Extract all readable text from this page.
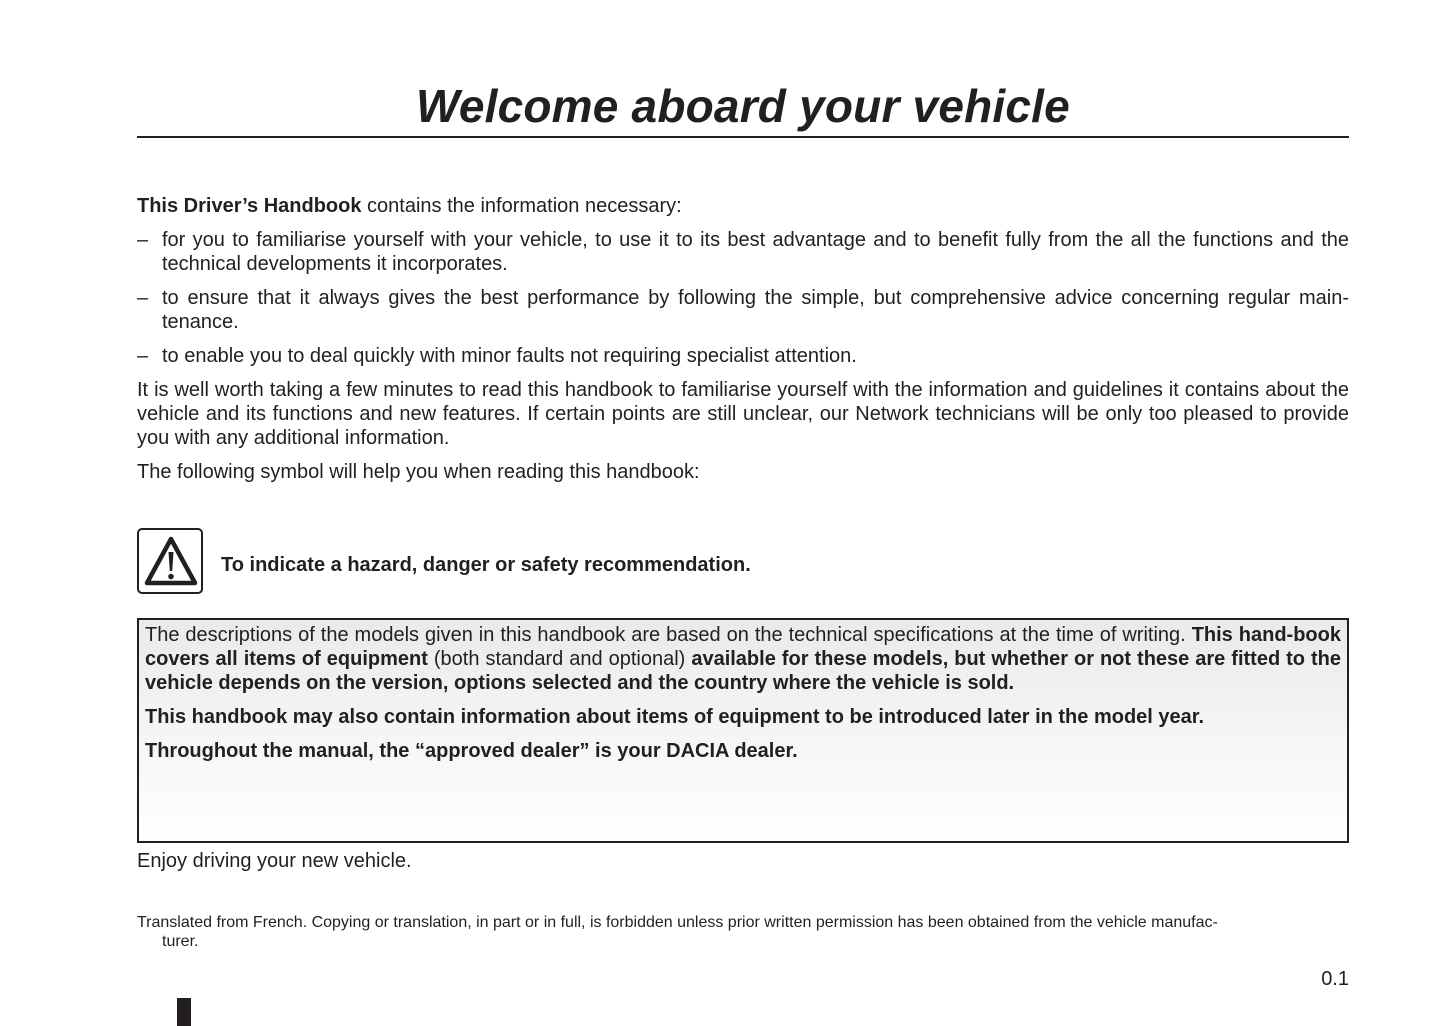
Welcome aboard your vehicle

This Driver’s Handbook contains the information necessary:

– for you to familiarise yourself with your vehicle, to use it to its best advantage and to benefit fully from the all the functions and the technical developments it incorporates.
– to ensure that it always gives the best performance by following the simple, but comprehensive advice concerning regular main-tenance.
– to enable you to deal quickly with minor faults not requiring specialist attention.

It is well worth taking a few minutes to read this handbook to familiarise yourself with the information and guidelines it contains about the vehicle and its functions and new features. If certain points are still unclear, our Network technicians will be only too pleased to provide you with any additional information.

The following symbol will help you when reading this handbook:

To indicate a hazard, danger or safety recommendation.

The descriptions of the models given in this handbook are based on the technical specifications at the time of writing. This hand-book covers all items of equipment (both standard and optional) available for these models, but whether or not these are fitted to the vehicle depends on the version, options selected and the country where the vehicle is sold.

This handbook may also contain information about items of equipment to be introduced later in the model year.

Throughout the manual, the “approved dealer” is your DACIA dealer.

Enjoy driving your new vehicle.

Translated from French. Copying or translation, in part or in full, is forbidden unless prior written permission has been obtained from the vehicle manufac-
turer.

0.1
